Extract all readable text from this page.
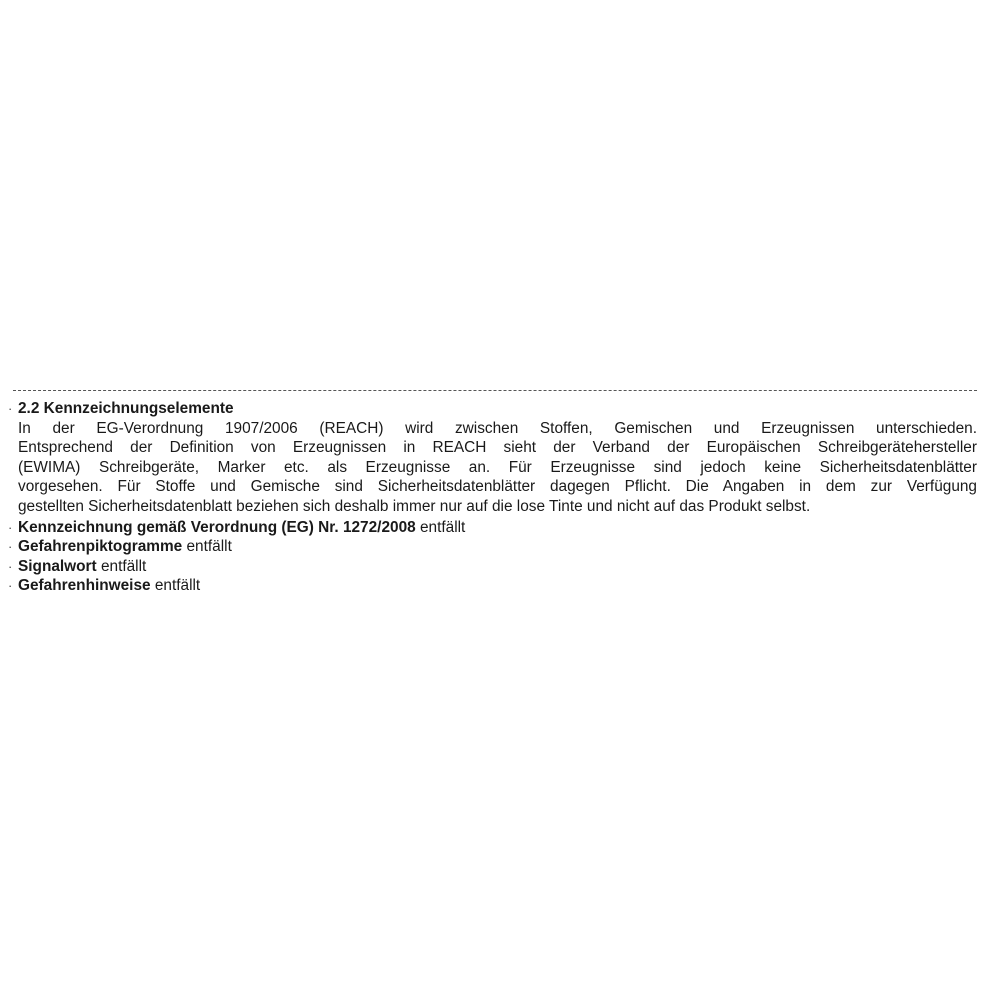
· 2.2 Kennzeichnungselemente
In der EG-Verordnung 1907/2006 (REACH) wird zwischen Stoffen, Gemischen und Erzeugnissen unterschieden.
Entsprechend der Definition von Erzeugnissen in REACH sieht der Verband der Europäischen Schreibgerätehersteller
(EWIMA) Schreibgeräte, Marker etc. als Erzeugnisse an. Für Erzeugnisse sind jedoch keine Sicherheitsdatenblätter
vorgesehen. Für Stoffe und Gemische sind Sicherheitsdatenblätter dagegen Pflicht. Die Angaben in dem zur Verfügung
gestellten Sicherheitsdatenblatt beziehen sich deshalb immer nur auf die lose Tinte und nicht auf das Produkt selbst.
· Kennzeichnung gemäß Verordnung (EG) Nr. 1272/2008 entfällt
· Gefahrenpiktogramme entfällt
· Signalwort entfällt
· Gefahrenhinweise entfällt
